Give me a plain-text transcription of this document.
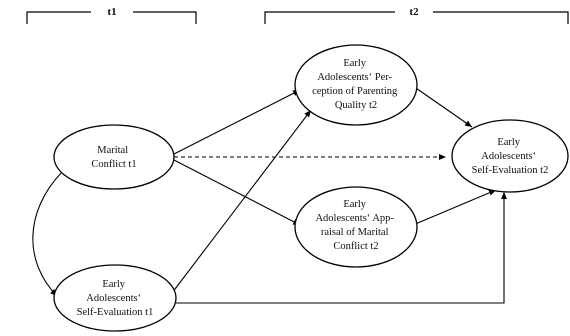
t1	t2
Marital Conflict t1
Early Adolescents‘ Self-Evaluation t1
Early Adolescents‘ Per- ception of Parenting Quality t2
Early Adolescents‘ App- raisal of Marital Conflict t2
Early Adolescents‘ Self-Evaluation t2
